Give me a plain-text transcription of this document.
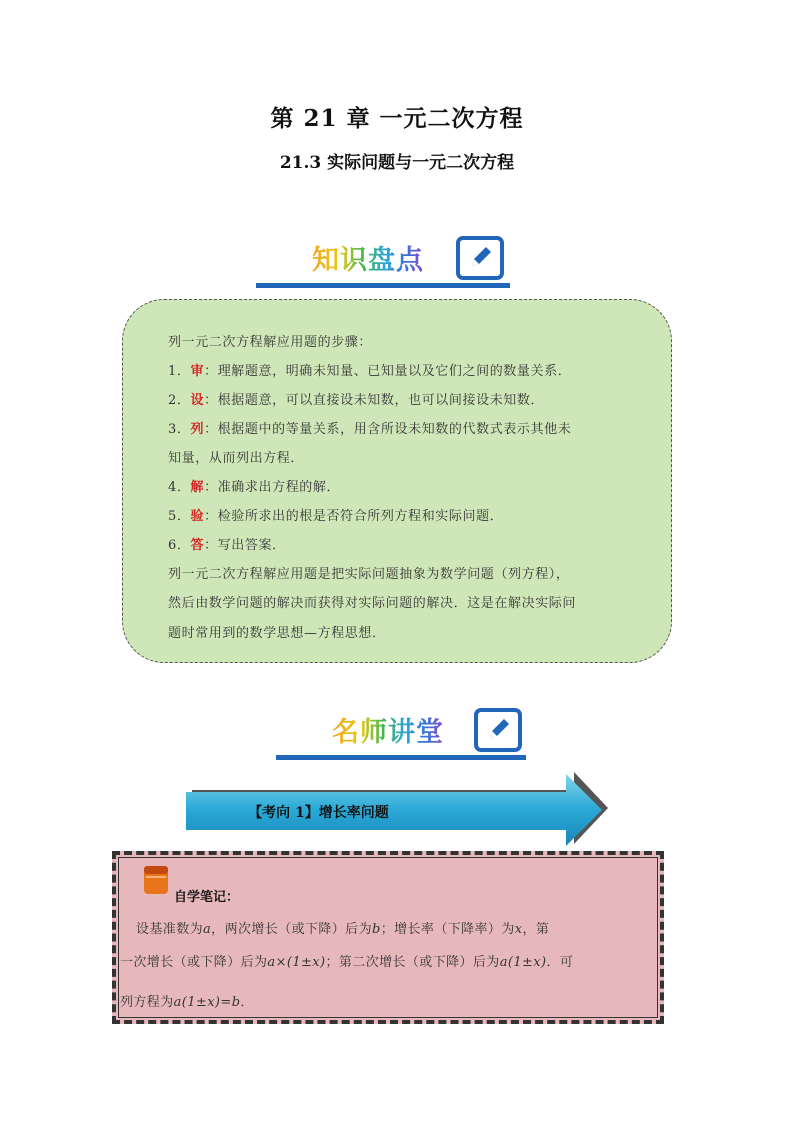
第 21 章 一元二次方程
21.3 实际问题与一元二次方程
知识盘点
列一元二次方程解应用题的步骤：
1．审：理解题意，明确未知量、已知量以及它们之间的数量关系．
2．设：根据题意，可以直接设未知数，也可以间接设未知数．
3．列：根据题中的等量关系，用含所设未知数的代数式表示其他未
知量，从而列出方程．
4．解：准确求出方程的解．
5．验：检验所求出的根是否符合所列方程和实际问题．
6．答：写出答案．
列一元二次方程解应用题是把实际问题抽象为数学问题（列方程），
然后由数学问题的解决而获得对实际问题的解决．这是在解决实际问
题时常用到的数学思想—方程思想．
名师讲堂
【考向 1】增长率问题
自学笔记：
设基准数为a，两次增长（或下降）后为b；增长率（下降率）为x，第
一次增长（或下降）后为a×(1±x)；第二次增长（或下降）后为a(1±x)．可
列方程为a(1±x)=b．
